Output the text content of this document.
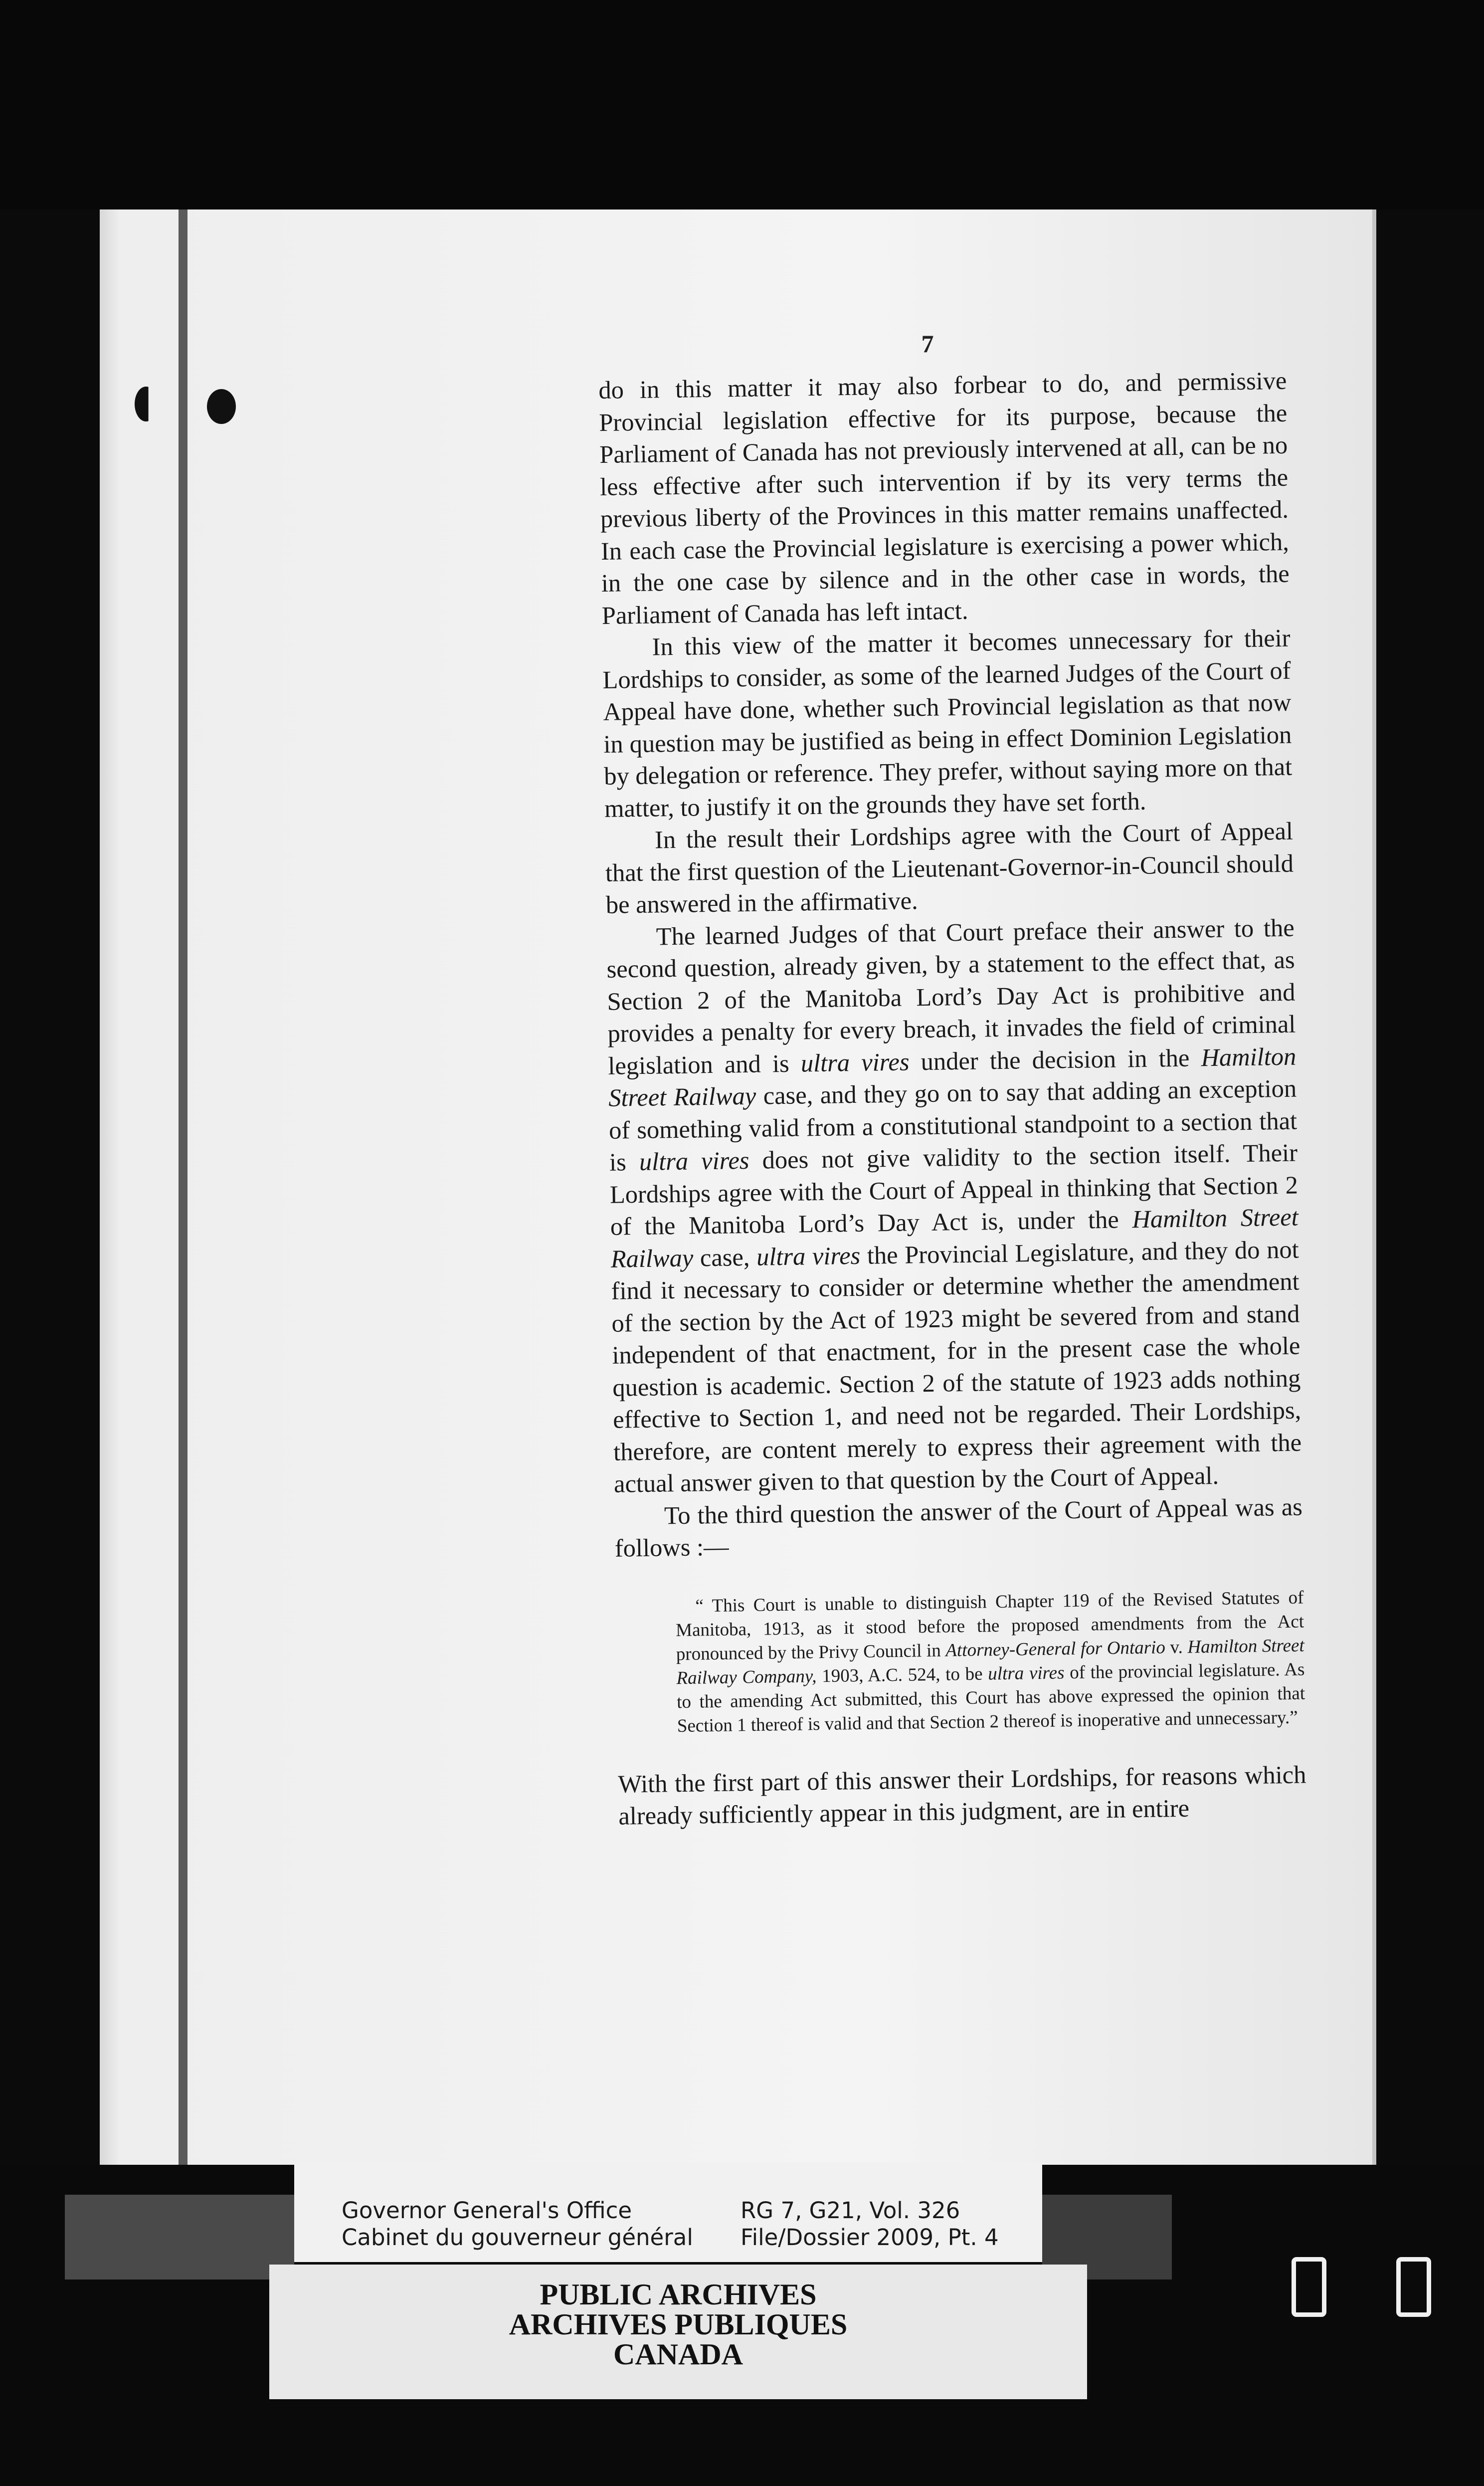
7

do in this matter it may also forbear to do, and permissive Provincial legislation effective for its purpose, because the Parliament of Canada has not previously intervened at all, can be no less effective after such intervention if by its very terms the previous liberty of the Provinces in this matter remains unaffected. In each case the Provincial legislature is exercising a power which, in the one case by silence and in the other case in words, the Parliament of Canada has left intact.

In this view of the matter it becomes unnecessary for their Lordships to consider, as some of the learned Judges of the Court of Appeal have done, whether such Provincial legislation as that now in question may be justified as being in effect Dominion Legislation by delegation or reference. They prefer, without saying more on that matter, to justify it on the grounds they have set forth.

In the result their Lordships agree with the Court of Appeal that the first question of the Lieutenant-Governor-in-Council should be answered in the affirmative.

The learned Judges of that Court preface their answer to the second question, already given, by a statement to the effect that, as Section 2 of the Manitoba Lord’s Day Act is prohibitive and provides a penalty for every breach, it invades the field of criminal legislation and is ultra vires under the decision in the Hamilton Street Railway case, and they go on to say that adding an exception of something valid from a constitutional standpoint to a section that is ultra vires does not give validity to the section itself. Their Lordships agree with the Court of Appeal in thinking that Section 2 of the Manitoba Lord’s Day Act is, under the Hamilton Street Railway case, ultra vires the Provincial Legislature, and they do not find it necessary to consider or determine whether the amendment of the section by the Act of 1923 might be severed from and stand independent of that enactment, for in the present case the whole question is academic. Section 2 of the statute of 1923 adds nothing effective to Section 1, and need not be regarded. Their Lordships, therefore, are content merely to express their agreement with the actual answer given to that question by the Court of Appeal.

To the third question the answer of the Court of Appeal was as follows :—

“ This Court is unable to distinguish Chapter 119 of the Revised Statutes of Manitoba, 1913, as it stood before the proposed amendments from the Act pronounced by the Privy Council in Attorney-General for Ontario v. Hamilton Street Railway Company, 1903, A.C. 524, to be ultra vires of the provincial legislature. As to the amending Act submitted, this Court has above expressed the opinion that Section 1 thereof is valid and that Section 2 thereof is inoperative and unnecessary.”

With the first part of this answer their Lordships, for reasons which already sufficiently appear in this judgment, are in entire

Governor General's Office
Cabinet du gouverneur général
RG 7, G21, Vol. 326
File/Dossier 2009, Pt. 4
PUBLIC ARCHIVES
ARCHIVES PUBLIQUES
CANADA
